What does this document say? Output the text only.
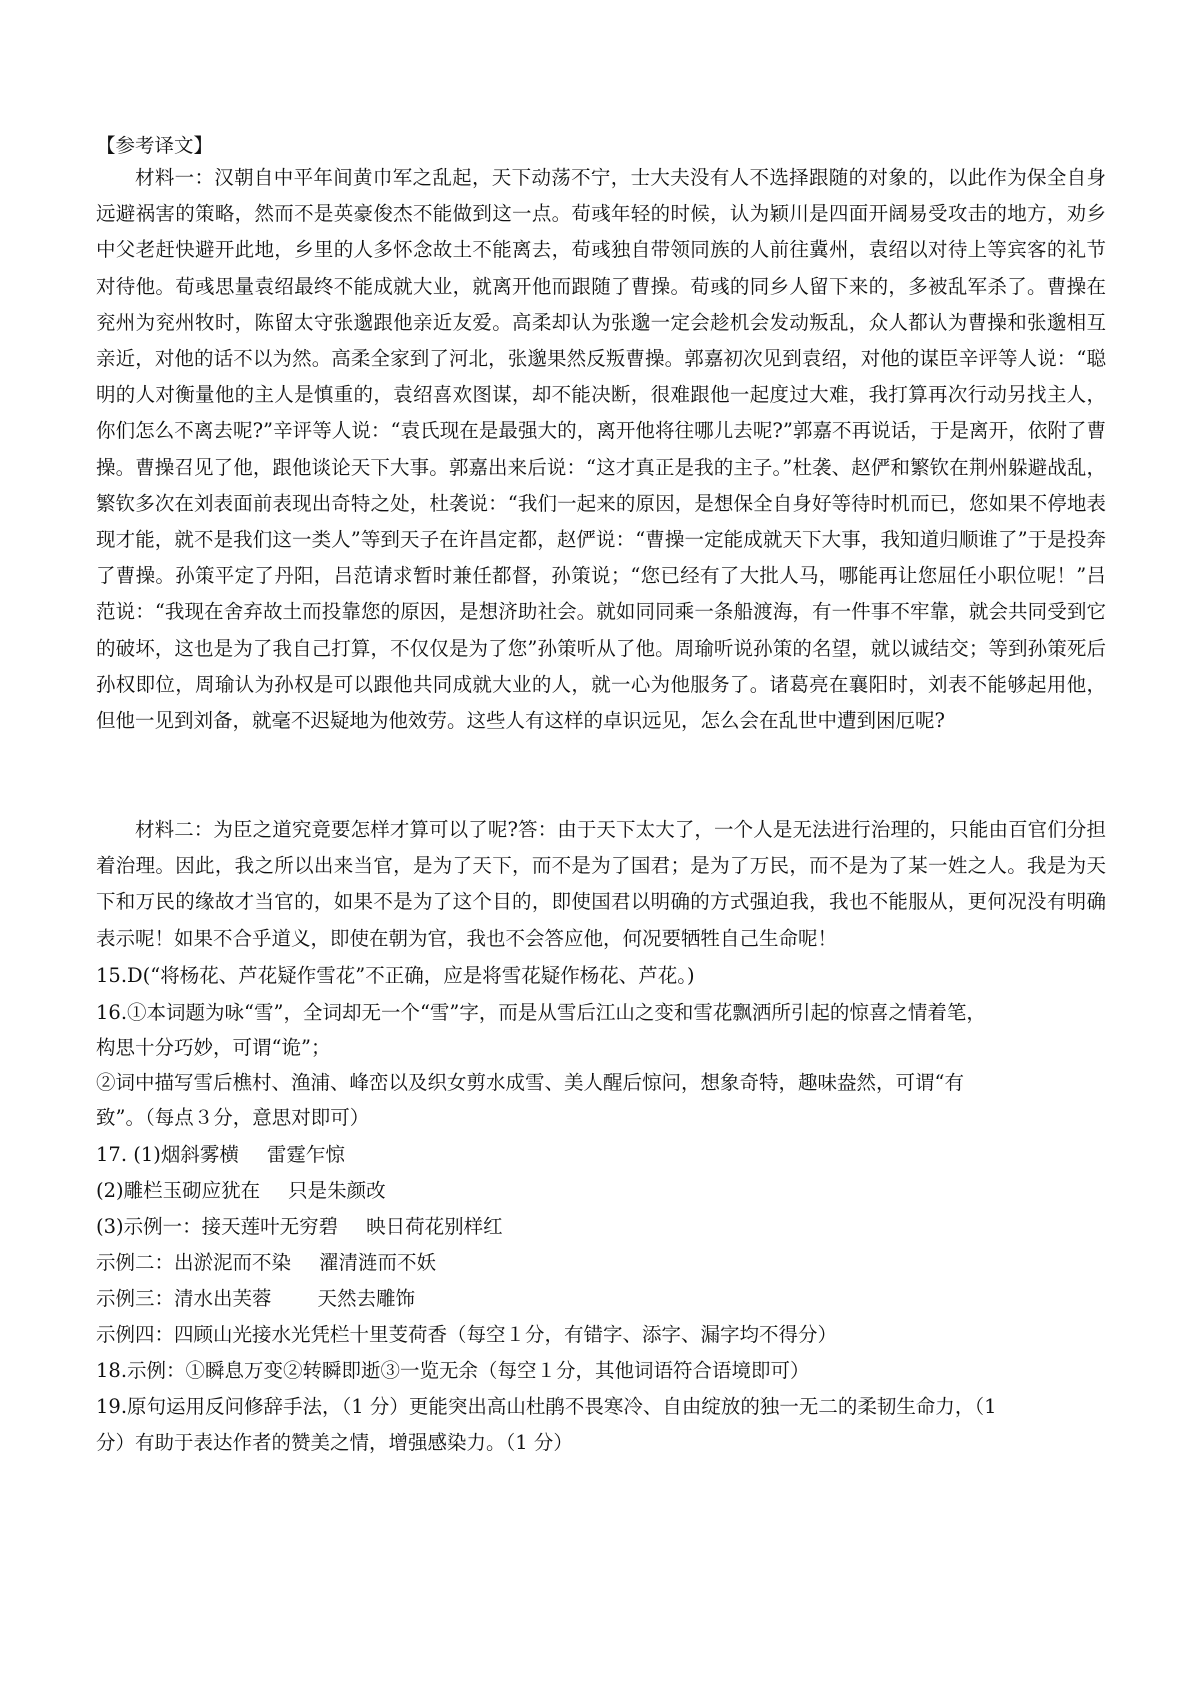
【参考译文】

材料一：汉朝自中平年间黄巾军之乱起，天下动荡不宁，士大夫没有人不选择跟随的对象的，以此作为保全自身远避祸害的策略，然而不是英豪俊杰不能做到这一点。荀彧年轻的时候，认为颖川是四面开阔易受攻击的地方，劝乡中父老赶快避开此地，乡里的人多怀念故土不能离去，荀彧独自带领同族的人前往冀州，袁绍以对待上等宾客的礼节对待他。荀彧思量袁绍最终不能成就大业，就离开他而跟随了曹操。荀彧的同乡人留下来的，多被乱军杀了。曹操在兖州为兖州牧时，陈留太守张邈跟他亲近友爱。高柔却认为张邈一定会趁机会发动叛乱，众人都认为曹操和张邈相互亲近，对他的话不以为然。高柔全家到了河北，张邈果然反叛曹操。郭嘉初次见到袁绍，对他的谋臣辛评等人说：“聪明的人对衡量他的主人是慎重的，袁绍喜欢图谋，却不能决断，很难跟他一起度过大难，我打算再次行动另找主人，你们怎么不离去呢?”辛评等人说：“袁氏现在是最强大的，离开他将往哪儿去呢?”郭嘉不再说话，于是离开，依附了曹操。曹操召见了他，跟他谈论天下大事。郭嘉出来后说：“这才真正是我的主子。”杜袭、赵俨和繁钦在荆州躲避战乱，繁钦多次在刘表面前表现出奇特之处，杜袭说：“我们一起来的原因，是想保全自身好等待时机而已，您如果不停地表现才能，就不是我们这一类人”等到天子在许昌定都，赵俨说：“曹操一定能成就天下大事，我知道归顺谁了”于是投奔了曹操。孙策平定了丹阳，吕范请求暂时兼任都督，孙策说；“您已经有了大批人马，哪能再让您屈任小职位呢！”吕范说：“我现在舍弃故土而投靠您的原因，是想济助社会。就如同同乘一条船渡海，有一件事不牢靠，就会共同受到它的破坏，这也是为了我自己打算，不仅仅是为了您”孙策听从了他。周瑜听说孙策的名望，就以诚结交；等到孙策死后孙权即位，周瑜认为孙权是可以跟他共同成就大业的人，就一心为他服务了。诸葛亮在襄阳时，刘表不能够起用他，但他一见到刘备，就毫不迟疑地为他效劳。这些人有这样的卓识远见，怎么会在乱世中遭到困厄呢?

材料二：为臣之道究竟要怎样才算可以了呢?答：由于天下太大了，一个人是无法进行治理的，只能由百官们分担着治理。因此，我之所以出来当官，是为了天下，而不是为了国君；是为了万民，而不是为了某一姓之人。我是为天下和万民的缘故才当官的，如果不是为了这个目的，即使国君以明确的方式强迫我，我也不能服从，更何况没有明确表示呢！如果不合乎道义，即使在朝为官，我也不会答应他，何况要牺牲自己生命呢！

15.D(“将杨花、芦花疑作雪花”不正确，应是将雪花疑作杨花、芦花。)
16.①本词题为咏“雪”，全词却无一个“雪”字，而是从雪后江山之变和雪花飘洒所引起的惊喜之情着笔，
构思十分巧妙，可谓“诡”；
②词中描写雪后樵村、渔浦、峰峦以及织女剪水成雪、美人醒后惊问，想象奇特，趣味盎然，可谓“有
致”。（每点３分，意思对即可）
17. (1)烟斜雾横 雷霆乍惊
(2)雕栏玉砌应犹在 只是朱颜改
(3)示例一：接天莲叶无穷碧 映日荷花别样红
示例二：出淤泥而不染 濯清涟而不妖
示例三：清水出芙蓉 天然去雕饰
示例四：四顾山光接水光凭栏十里芰荷香（每空１分，有错字、添字、漏字均不得分）
18.示例：①瞬息万变②转瞬即逝③一览无余（每空１分，其他词语符合语境即可）
19.原句运用反问修辞手法，（1 分）更能突出高山杜鹃不畏寒冷、自由绽放的独一无二的柔韧生命力，（1
分）有助于表达作者的赞美之情，增强感染力。（1 分）
